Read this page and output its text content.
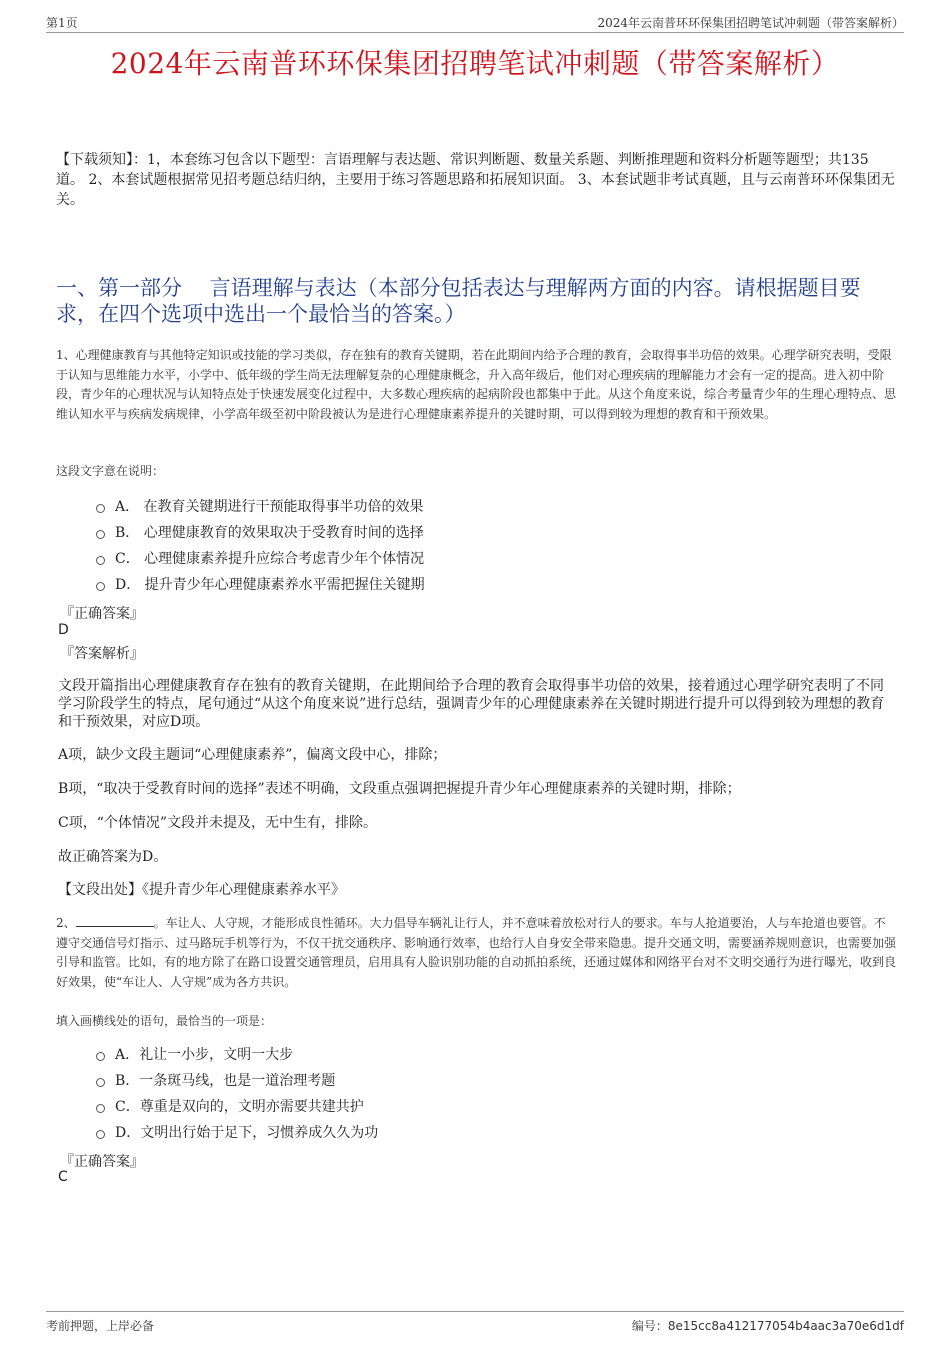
第1页	2024年云南普环环保集团招聘笔试冲刺题（带答案解析）
2024年云南普环环保集团招聘笔试冲刺题（带答案解析）
【下载须知】：1，本套练习包含以下题型：言语理解与表达题、常识判断题、数量关系题、判断推理题和资料分析题等题型；共135道。 2、本套试题根据常见招考题总结归纳，主要用于练习答题思路和拓展知识面。 3、本套试题非考试真题，且与云南普环环保集团无关。
一、第一部分　 言语理解与表达（本部分包括表达与理解两方面的内容。请根据题目要求，在四个选项中选出一个最恰当的答案。）
1、心理健康教育与其他特定知识或技能的学习类似，存在独有的教育关键期，若在此期间内给予合理的教育，会取得事半功倍的效果。心理学研究表明，受限于认知与思维能力水平，小学中、低年级的学生尚无法理解复杂的心理健康概念，升入高年级后，他们对心理疾病的理解能力才会有一定的提高。进入初中阶段，青少年的心理状况与认知特点处于快速发展变化过程中，大多数心理疾病的起病阶段也都集中于此。从这个角度来说，综合考量青少年的生理心理特点、思维认知水平与疾病发病规律，小学高年级至初中阶段被认为是进行心理健康素养提升的关键时期，可以得到较为理想的教育和干预效果。
这段文字意在说明：
A． 在教育关键期进行干预能取得事半功倍的效果
B． 心理健康教育的效果取决于受教育时间的选择
C． 心理健康素养提升应综合考虑青少年个体情况
D． 提升青少年心理健康素养水平需把握住关键期
『正确答案』
D
『答案解析』
文段开篇指出心理健康教育存在独有的教育关键期，在此期间给予合理的教育会取得事半功倍的效果，接着通过心理学研究表明了不同学习阶段学生的特点，尾句通过“从这个角度来说”进行总结，强调青少年的心理健康素养在关键时期进行提升可以得到较为理想的教育和干预效果，对应D项。
A项，缺少文段主题词“心理健康素养”，偏离文段中心，排除；
B项，“取决于受教育时间的选择”表述不明确，文段重点强调把握提升青少年心理健康素养的关键时期，排除；
C项，“个体情况”文段并未提及，无中生有，排除。
故正确答案为D。
【文段出处】《提升青少年心理健康素养水平》
2、	。车让人、人守规，才能形成良性循环。大力倡导车辆礼让行人，并不意味着放松对行人的要求。车与人抢道要治，人与车抢道也要管。不遵守交通信号灯指示、过马路玩手机等行为，不仅干扰交通秩序、影响通行效率，也给行人自身安全带来隐患。提升交通文明，需要涵养规则意识，也需要加强引导和监管。比如，有的地方除了在路口设置交通管理员，启用具有人脸识别功能的自动抓拍系统，还通过媒体和网络平台对不文明交通行为进行曝光，收到良好效果，使“车让人、人守规”成为各方共识。
填入画横线处的语句，最恰当的一项是：
A．礼让一小步，文明一大步
B．一条斑马线，也是一道治理考题
C．尊重是双向的，文明亦需要共建共护
D．文明出行始于足下，习惯养成久久为功
『正确答案』
C
考前押题，上岸必备	编号：8e15cc8a412177054b4aac3a70e6d1df
